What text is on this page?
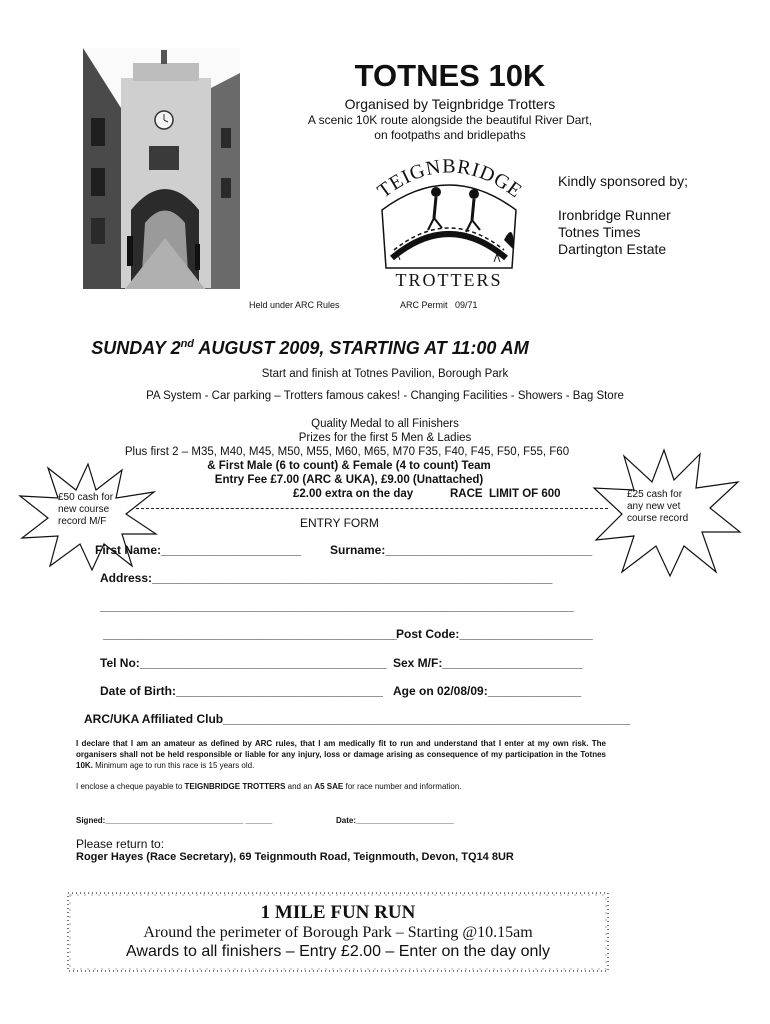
TOTNES 10K
Organised by Teignbridge Trotters
A scenic 10K route alongside the beautiful River Dart,
on footpaths and bridlepaths
TEIGNBRIDGE
TROTTERS
Kindly sponsored by;
Ironbridge Runner
Totnes Times
Dartington Estate
Held under ARC Rules	ARC Permit   09/71
SUNDAY 2nd AUGUST 2009, STARTING AT 11:00 AM
Start and finish at Totnes Pavilion, Borough Park
PA System - Car parking – Trotters famous cakes! - Changing Facilities - Showers - Bag Store
Quality Medal to all Finishers
Prizes for the first 5 Men & Ladies
Plus first 2 – M35, M40, M45, M50, M55, M60, M65, M70 F35, F40, F45, F50, F55, F60
& First Male (6 to count) & Female (4 to count) Team
Entry Fee £7.00 (ARC & UKA), £9.00 (Unattached)
£2.00 extra on the day	RACE  LIMIT OF 600
£50 cash for
new course
record M/F
£25 cash for
any new vet
course record
ENTRY FORM
First Name:_____________________ Surname:_______________________________
Address:____________________________________________________________
_______________________________________________________________________
____________________________________________ Post Code:____________________
Tel No:_____________________________________ Sex M/F:_____________________
Date of Birth:_______________________________ Age on 02/08/09:______________
ARC/UKA Affiliated Club_____________________________________________________________
I declare that I am an amateur as defined by ARC rules, that I am medically fit to run and understand that I enter at my own risk. The organisers shall not be held responsible or liable for any injury, loss or damage arising as consequence of my participation in the Totnes 10K. Minimum age to run this race is 15 years old.
I enclose a cheque payable to TEIGNBRIDGE TROTTERS and an A5 SAE for race number and information.
Signed:_______________________________ ______	Date:______________________
Please return to:
Roger Hayes (Race Secretary), 69 Teignmouth Road, Teignmouth, Devon, TQ14 8UR
1 MILE FUN RUN
Around the perimeter of Borough Park – Starting @10.15am
Awards to all finishers – Entry £2.00 – Enter on the day only
